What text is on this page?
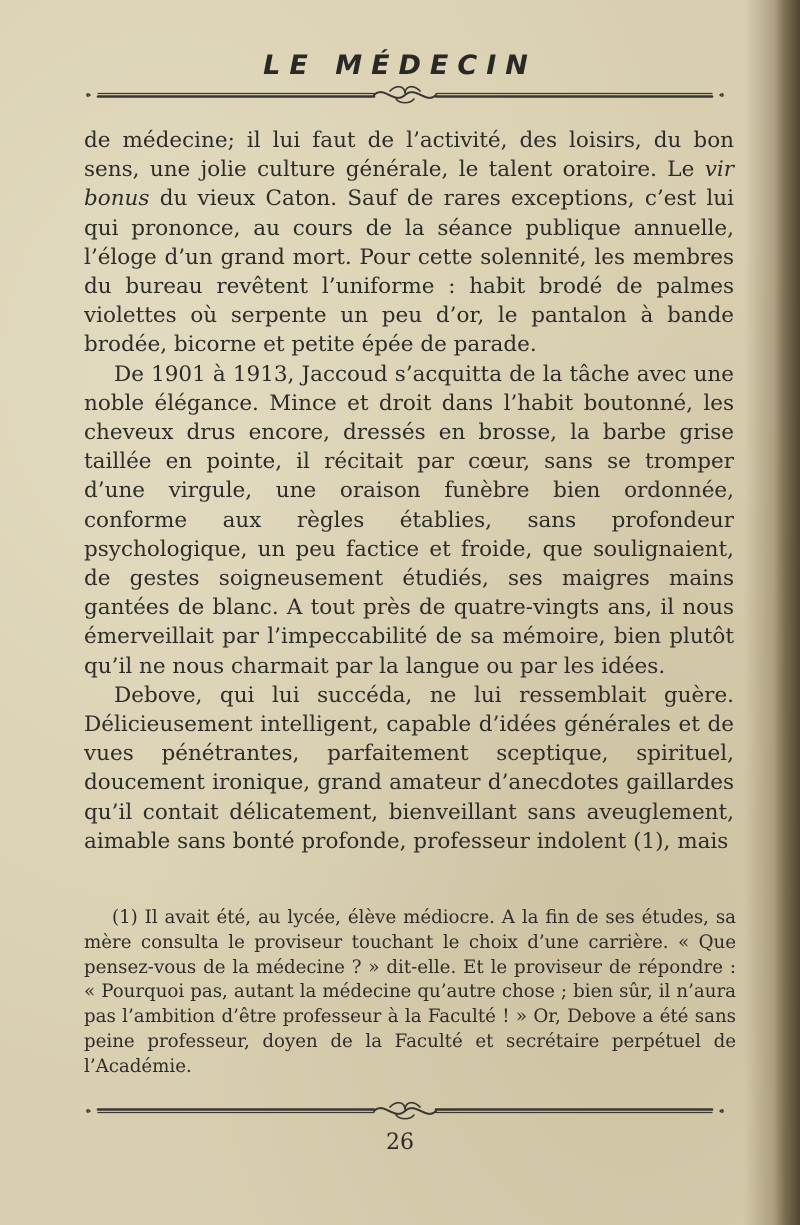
LE MÉDECIN

de médecine; il lui faut de l’activité, des loisirs, du bon sens, une jolie culture générale, le talent oratoire. Le vir bonus du vieux Caton. Sauf de rares exceptions, c’est lui qui prononce, au cours de la séance publique annuelle, l’éloge d’un grand mort. Pour cette solennité, les membres du bureau revêtent l’uniforme : habit brodé de palmes violettes où serpente un peu d’or, le pantalon à bande brodée, bicorne et petite épée de parade.

De 1901 à 1913, Jaccoud s’acquitta de la tâche avec une noble élégance. Mince et droit dans l’habit boutonné, les cheveux drus encore, dressés en brosse, la barbe grise taillée en pointe, il récitait par cœur, sans se tromper d’une virgule, une oraison funèbre bien ordonnée, conforme aux règles établies, sans profondeur psychologique, un peu factice et froide, que soulignaient, de gestes soigneusement étudiés, ses maigres mains gantées de blanc. A tout près de quatre-vingts ans, il nous émerveillait par l’impeccabilité de sa mémoire, bien plutôt qu’il ne nous charmait par la langue ou par les idées.

Debove, qui lui succéda, ne lui ressemblait guère. Délicieusement intelligent, capable d’idées générales et de vues pénétrantes, parfaitement sceptique, spirituel, doucement ironique, grand amateur d’anecdotes gaillardes qu’il contait délicatement, bienveillant sans aveuglement, aimable sans bonté profonde, professeur indolent (1), mais

(1) Il avait été, au lycée, élève médiocre. A la fin de ses études, sa mère consulta le proviseur touchant le choix d’une carrière. « Que pensez-vous de la médecine ? » dit-elle. Et le proviseur de répondre : « Pourquoi pas, autant la médecine qu’autre chose ; bien sûr, il n’aura pas l’ambition d’être professeur à la Faculté ! » Or, Debove a été sans peine professeur, doyen de la Faculté et secrétaire perpétuel de l’Académie.

26
